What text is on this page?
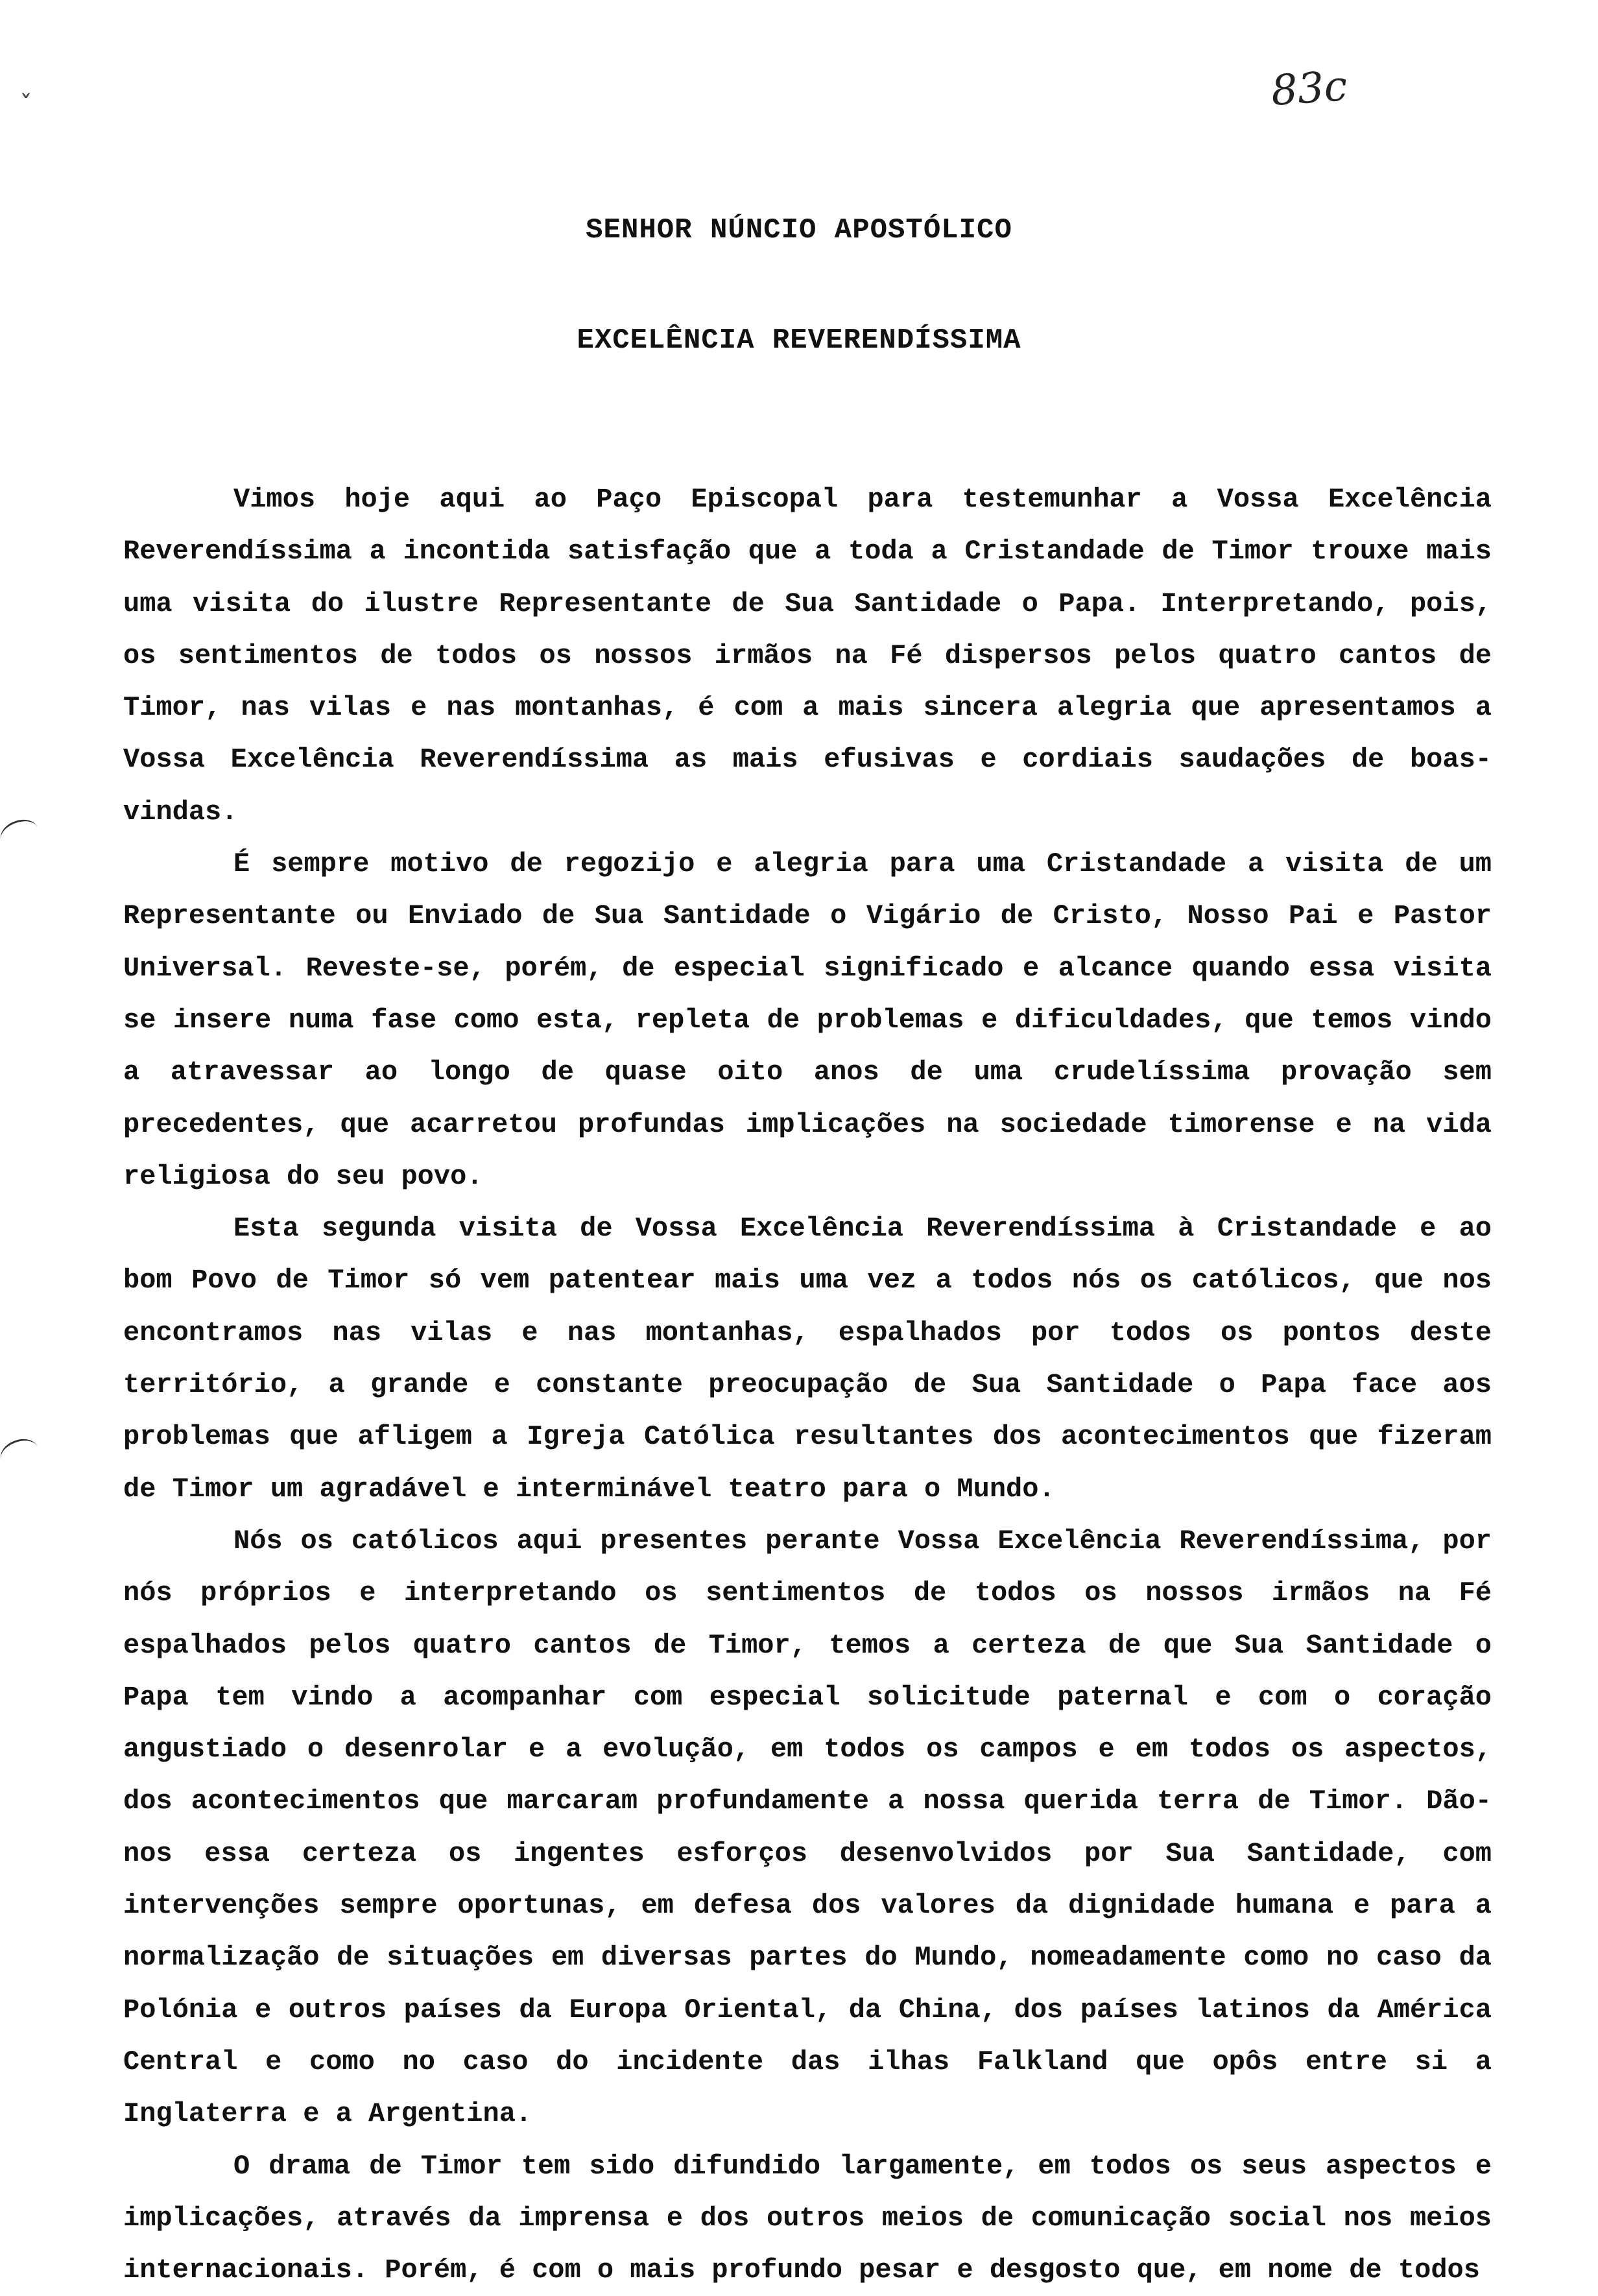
ˇ	83c
SENHOR NÚNCIO APOSTÓLICO
EXCELÊNCIA REVERENDÍSSIMA

Vimos hoje aqui ao Paço Episcopal para testemunhar a Vossa Excelência Reverendíssima a incontida satisfação que a toda a Cristandade de Timor trouxe mais uma visita do ilustre Representante de Sua Santidade o Papa. Interpretando, pois, os sentimentos de todos os nossos irmãos na Fé dispersos pelos quatro cantos de Timor, nas vilas e nas montanhas, é com a mais sincera alegria que apresentamos a Vossa Excelência Reverendíssima as mais efusivas e cordiais saudações de boas-vindas.

É sempre motivo de regozijo e alegria para uma Cristandade a visita de um Representante ou Enviado de Sua Santidade o Vigário de Cristo, Nosso Pai e Pastor Universal. Reveste-se, porém, de especial significado e alcance quando essa visita se insere numa fase como esta, repleta de problemas e dificuldades, que temos vindo a atravessar ao longo de quase oito anos de uma crudelíssima provação sem precedentes, que acarretou profundas implicações na sociedade timorense e na vida religiosa do seu povo.

Esta segunda visita de Vossa Excelência Reverendíssima à Cristandade e ao bom Povo de Timor só vem patentear mais uma vez a todos nós os católicos, que nos encontramos nas vilas e nas montanhas, espalhados por todos os pontos deste território, a grande e constante preocupação de Sua Santidade o Papa face aos problemas que afligem a Igreja Católica resultantes dos acontecimentos que fizeram de Timor um agradável e interminável teatro para o Mundo.

Nós os católicos aqui presentes perante Vossa Excelência Reverendíssima, por nós próprios e interpretando os sentimentos de todos os nossos irmãos na Fé espalhados pelos quatro cantos de Timor, temos a certeza de que Sua Santidade o Papa tem vindo a acompanhar com especial solicitude paternal e com o coração angustiado o desenrolar e a evolução, em todos os campos e em todos os aspectos, dos acontecimentos que marcaram profundamente a nossa querida terra de Timor. Dão-nos essa certeza os ingentes esforços desenvolvidos por Sua Santidade, com intervenções sempre oportunas, em defesa dos valores da dignidade humana e para a normalização de situações em diversas partes do Mundo, nomeadamente como no caso da Polónia e outros países da Europa Oriental, da China, dos países latinos da América Central e como no caso do incidente das ilhas Falkland que opôs entre si a Inglaterra e a Argentina.

O drama de Timor tem sido difundido largamente, em todos os seus aspectos e implicações, através da imprensa e dos outros meios de comunicação social nos meios internacionais. Porém, é com o mais profundo pesar e desgosto que, em nome de todos
